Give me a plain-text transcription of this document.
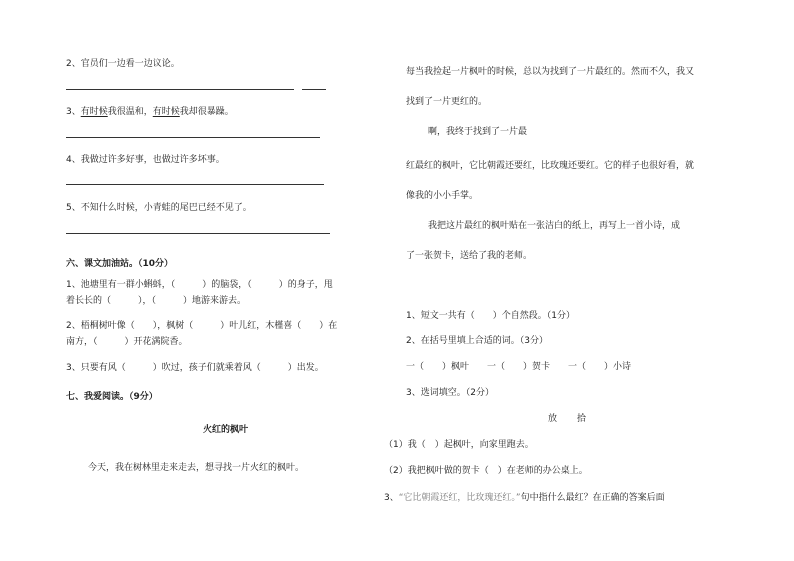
2、官员们一边看一边议论。
3、有时候我很温和，有时候我却很暴躁。
4、我做过许多好事，也做过许多坏事。
5、不知什么时候，小青蛙的尾巴已经不见了。
六、课文加油站。（10分）
1、池塘里有一群小蝌蚪，（　　　）的脑袋，（　　　）的身子，甩
着长长的（　　　），（　　　）地游来游去。
2、梧桐树叶像（　　），枫树（　　　）叶儿红，木槿喜（　　）在
南方，（　　　）开花满院香。
3、只要有风（　　　）吹过，孩子们就乘着风（　　　）出发。
七、我爱阅读。（9分）
火红的枫叶
今天，我在树林里走来走去，想寻找一片火红的枫叶。
每当我捡起一片枫叶的时候，总以为找到了一片最红的。然而不久，我又
找到了一片更红的。
啊，我终于找到了一片最
红最红的枫叶，它比朝霞还要红，比玫瑰还要红。它的样子也很好看，就
像我的小小手掌。
我把这片最红的枫叶贴在一张洁白的纸上，再写上一首小诗，成
了一张贺卡，送给了我的老师。
1、短文一共有（　　）个自然段。（1分）
2、在括号里填上合适的词。（3分）
一（　　）枫叶　　一（　　）贺卡　　一（　　）小诗
3、选词填空。（2分）
放 拾
（1）我（　）起枫叶，向家里跑去。
（2）我把枫叶做的贺卡（　）在老师的办公桌上。
3、“它比朝霞还红，比玫瑰还红。”句中指什么最红？在正确的答案后面
